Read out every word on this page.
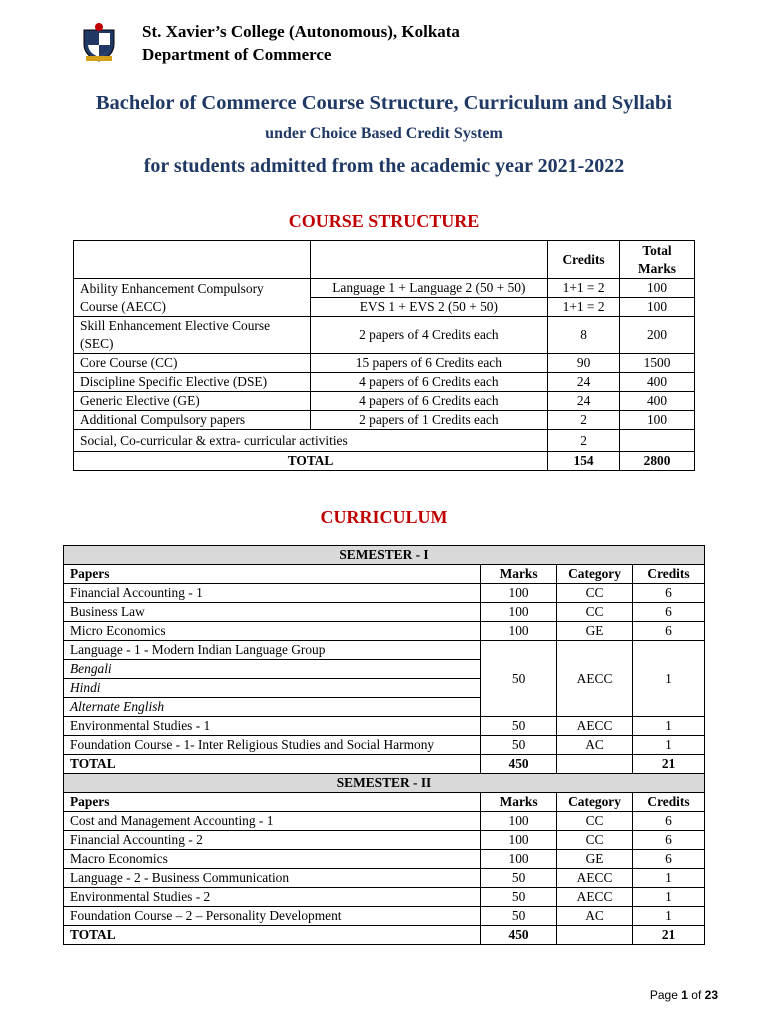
St. Xavier’s College (Autonomous), Kolkata
Department of Commerce
Bachelor of Commerce Course Structure, Curriculum and Syllabi
under Choice Based Credit System
for students admitted from the academic year 2021-2022
COURSE STRUCTURE
		Credits	Total Marks
Ability Enhancement Compulsory Course (AECC)	Language 1 + Language 2 (50 + 50)	1+1 = 2	100
	EVS 1 + EVS 2 (50 + 50)	1+1 = 2	100
Skill Enhancement Elective Course (SEC)	2 papers of 4 Credits each	8	200
Core Course (CC)	15 papers of 6 Credits each	90	1500
Discipline Specific Elective (DSE)	4 papers of 6 Credits each	24	400
Generic Elective (GE)	4 papers of 6 Credits each	24	400
Additional Compulsory papers	2 papers of 1 Credits each	2	100
Social, Co-curricular & extra- curricular activities		2	
TOTAL		154	2800
CURRICULUM
SEMESTER - I			
Papers	Marks	Category	Credits
Financial Accounting - 1	100	CC	6
Business Law	100	CC	6
Micro Economics	100	GE	6
Language - 1 - Modern Indian Language Group	50	AECC	1
Bengali			
Hindi			
Alternate English			
Environmental Studies - 1	50	AECC	1
Foundation Course - 1- Inter Religious Studies and Social Harmony	50	AC	1
TOTAL	450		21
SEMESTER - II			
Papers	Marks	Category	Credits
Cost and Management Accounting - 1	100	CC	6
Financial Accounting - 2	100	CC	6
Macro Economics	100	GE	6
Language - 2 - Business Communication	50	AECC	1
Environmental Studies - 2	50	AECC	1
Foundation Course – 2 – Personality Development	50	AC	1
TOTAL	450		21
Page 1 of 23
